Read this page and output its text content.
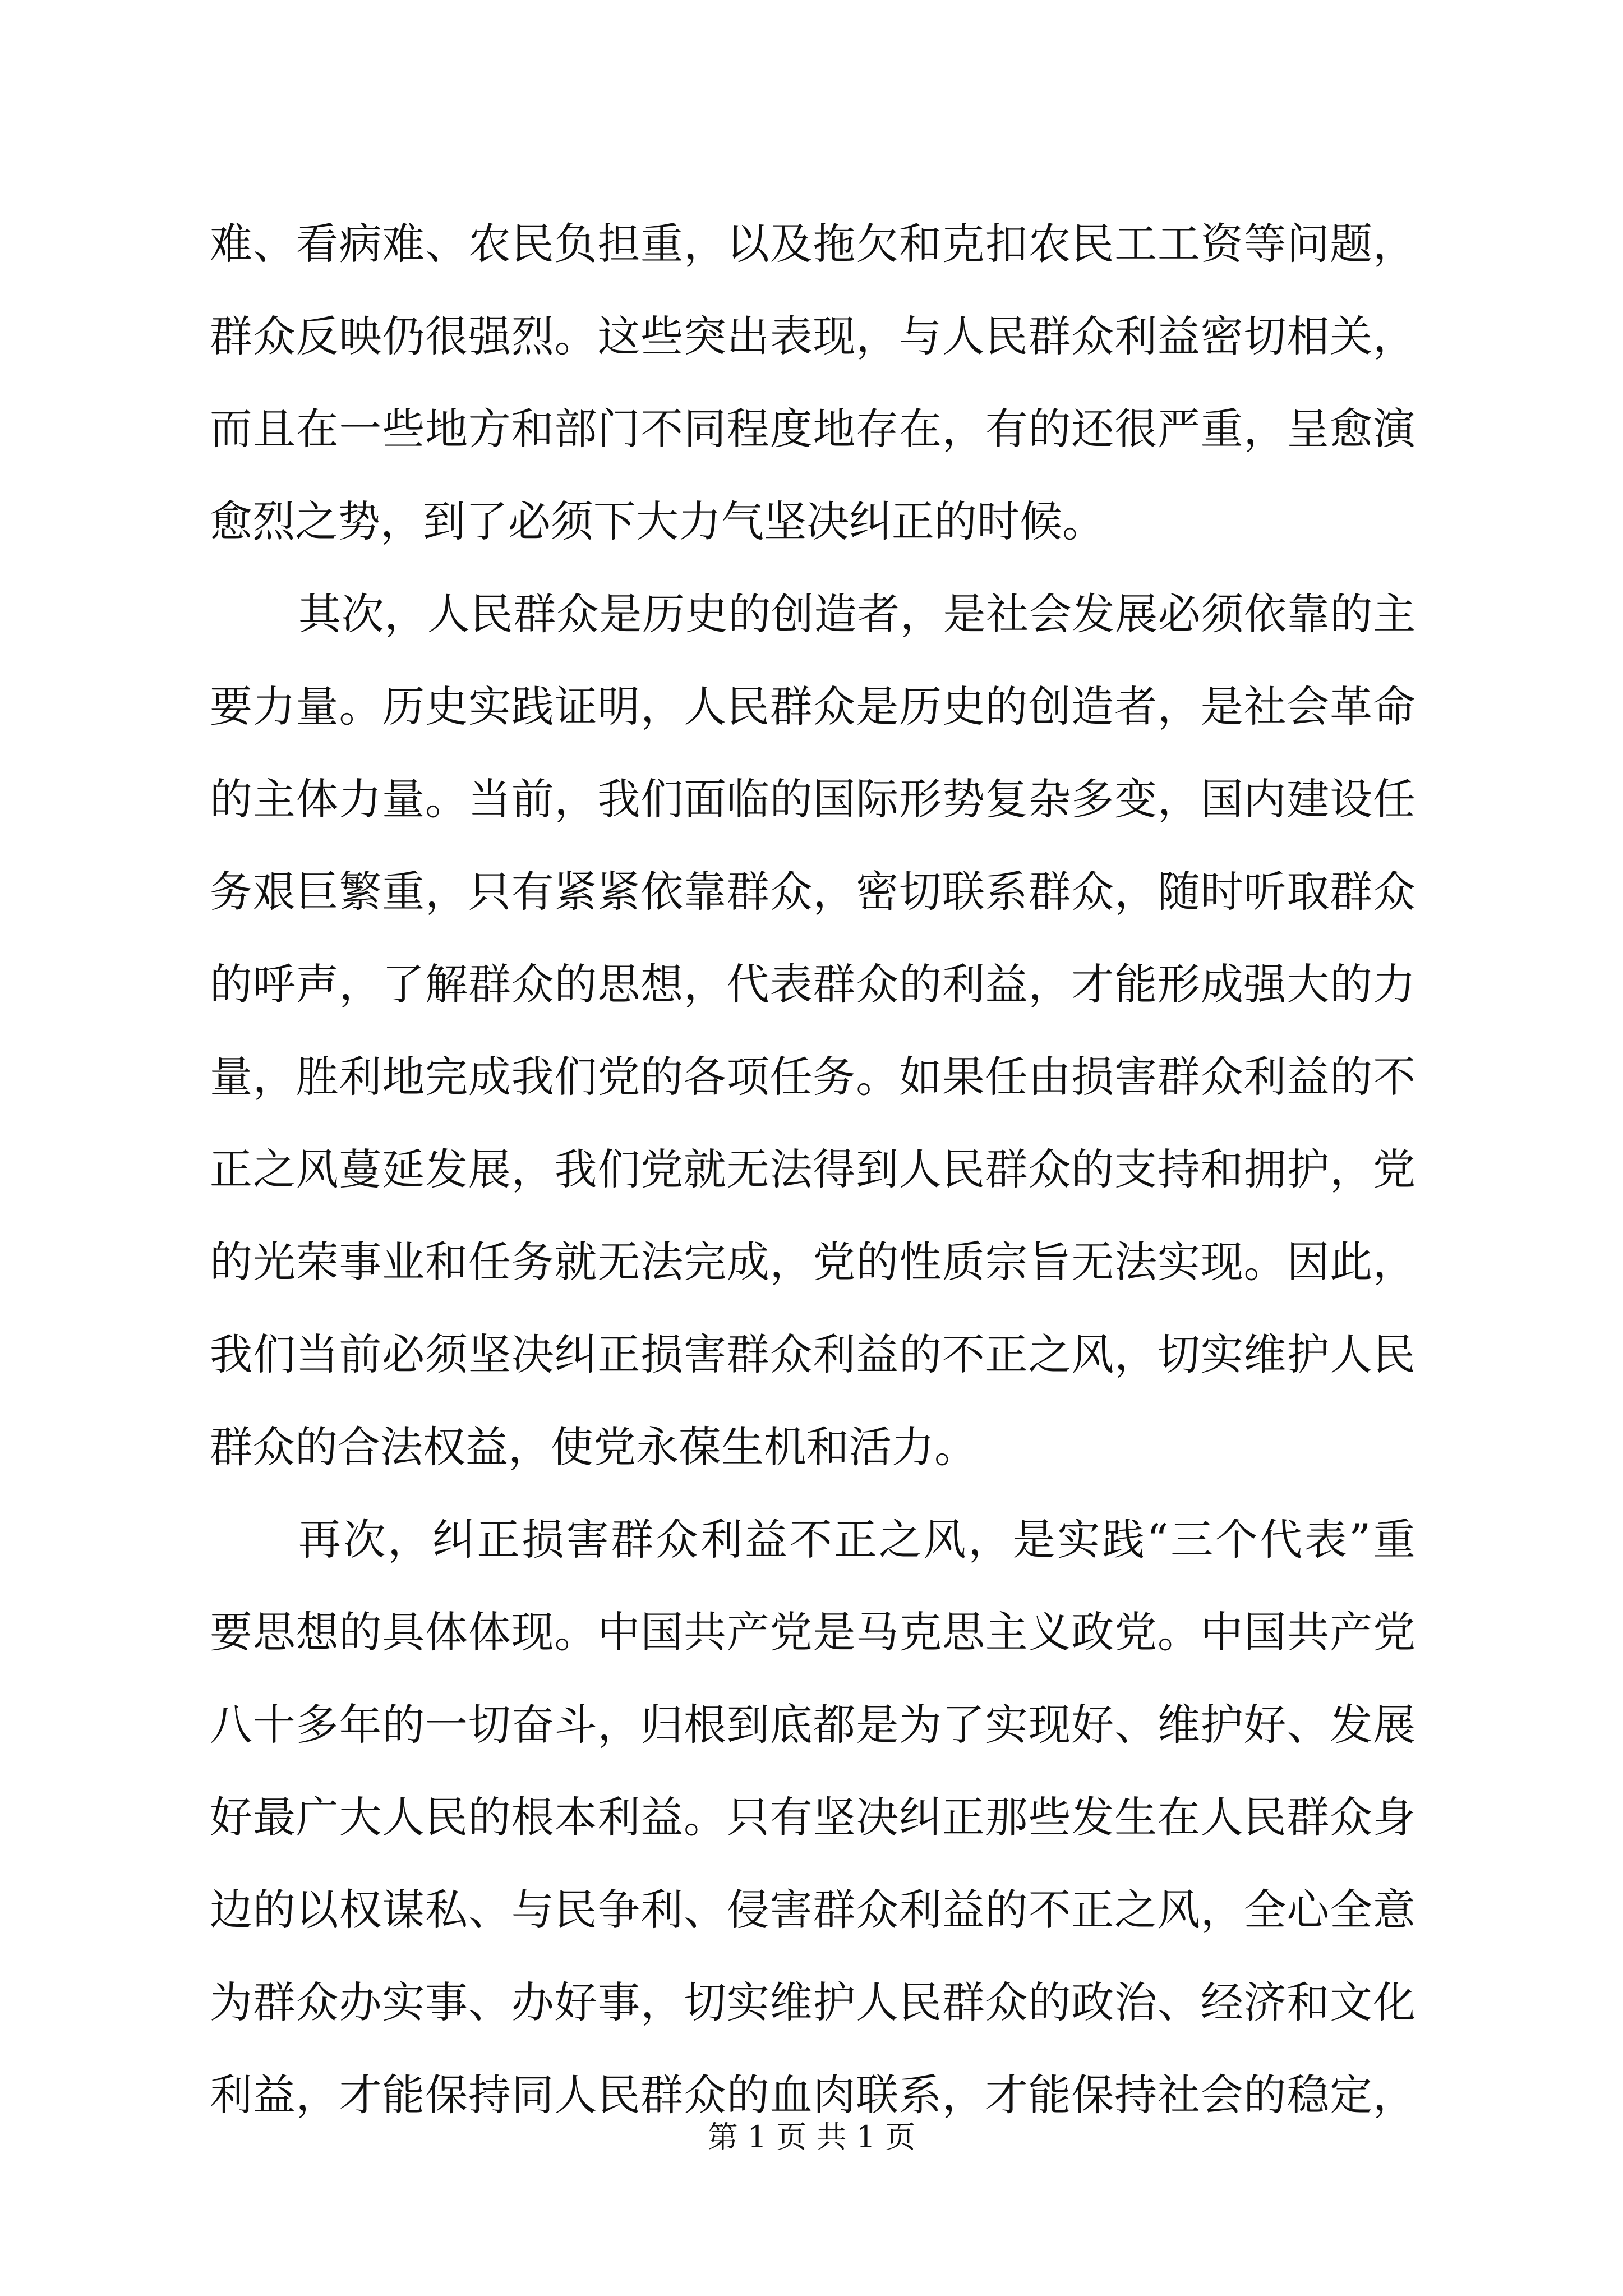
难、看病难、农民负担重，以及拖欠和克扣农民工工资等问题，
群众反映仍很强烈。这些突出表现，与人民群众利益密切相关，
而且在一些地方和部门不同程度地存在，有的还很严重，呈愈演
愈烈之势，到了必须下大力气坚决纠正的时候。
其次，人民群众是历史的创造者，是社会发展必须依靠的主
要力量。历史实践证明，人民群众是历史的创造者，是社会革命
的主体力量。当前，我们面临的国际形势复杂多变，国内建设任
务艰巨繁重，只有紧紧依靠群众，密切联系群众，随时听取群众
的呼声，了解群众的思想，代表群众的利益，才能形成强大的力
量，胜利地完成我们党的各项任务。如果任由损害群众利益的不
正之风蔓延发展，我们党就无法得到人民群众的支持和拥护，党
的光荣事业和任务就无法完成，党的性质宗旨无法实现。因此，
我们当前必须坚决纠正损害群众利益的不正之风，切实维护人民
群众的合法权益，使党永葆生机和活力。
再次，纠正损害群众利益不正之风，是实践“三个代表”重
要思想的具体体现。中国共产党是马克思主义政党。中国共产党
八十多年的一切奋斗，归根到底都是为了实现好、维护好、发展
好最广大人民的根本利益。只有坚决纠正那些发生在人民群众身
边的以权谋私、与民争利、侵害群众利益的不正之风，全心全意
为群众办实事、办好事，切实维护人民群众的政治、经济和文化
利益，才能保持同人民群众的血肉联系，才能保持社会的稳定，
第 1 页 共 1 页
